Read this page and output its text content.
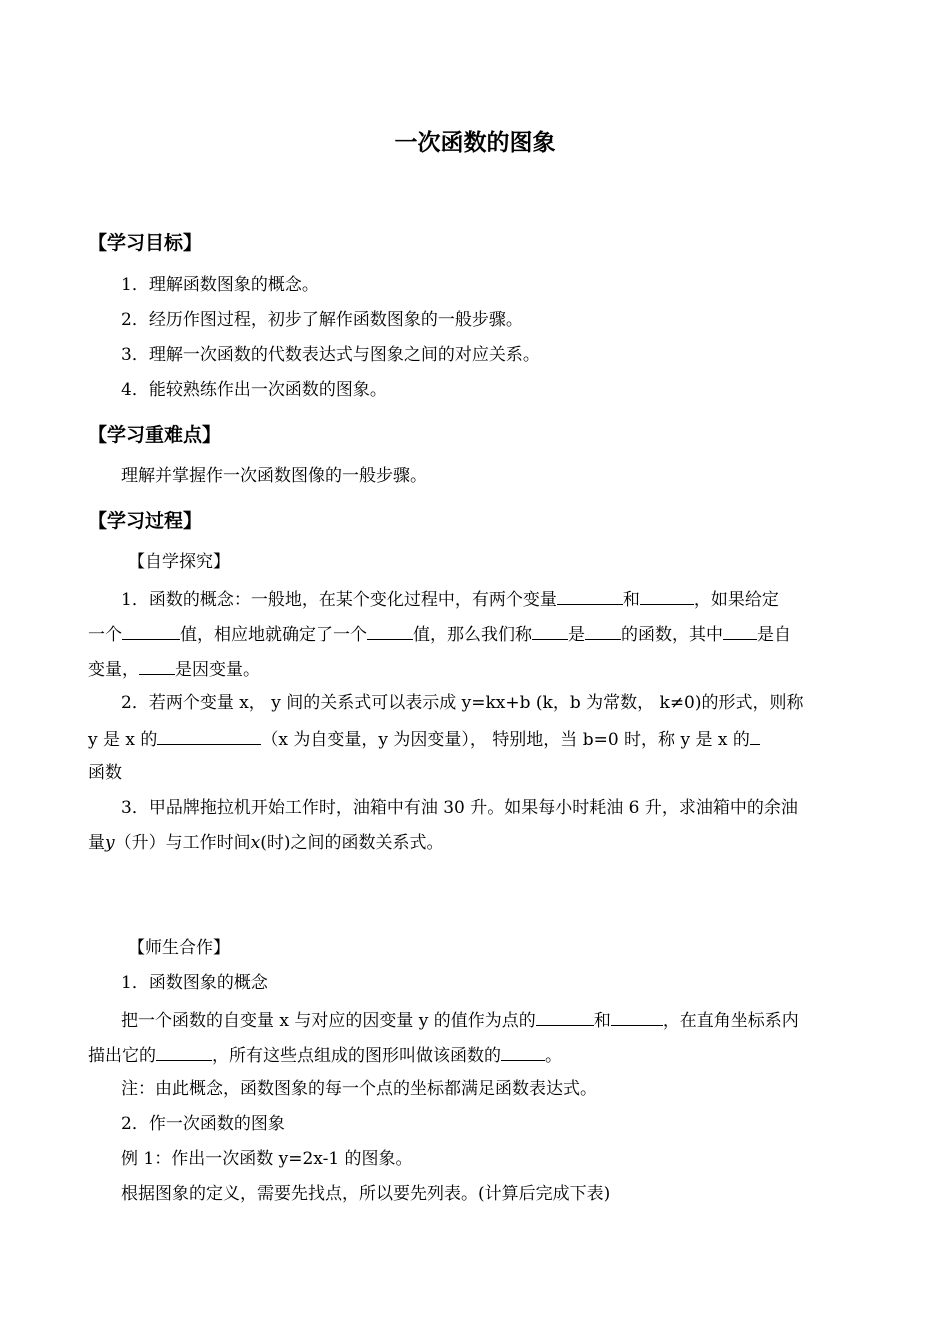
一次函数的图象
【学习目标】
1．理解函数图象的概念。
2．经历作图过程，初步了解作函数图象的一般步骤。
3．理解一次函数的代数表达式与图象之间的对应关系。
4．能较熟练作出一次函数的图象。
【学习重难点】
理解并掌握作一次函数图像的一般步骤。
【学习过程】
【自学探究】
1．函数的概念：一般地，在某个变化过程中，有两个变量	和	，如果给定
一个	值，相应地就确定了一个	值，那么我们称 是 的函数，其中 是自
变量， 是因变量。
2．若两个变量 x， y 间的关系式可以表示成 y=kx+b (k，b 为常数， k≠0)的形式，则称
y 是 x 的	（x 为自变量，y 为因变量）， 特别地，当 b=0 时，称 y 是 x 的
函数
3．甲品牌拖拉机开始工作时，油箱中有油 30 升。如果每小时耗油 6 升，求油箱中的余油
量y（升）与工作时间x(时)之间的函数关系式。
【师生合作】
1．函数图象的概念
把一个函数的自变量 x 与对应的因变量 y 的值作为点的	和	，在直角坐标系内
描出它的	，所有这些点组成的图形叫做该函数的	。
注：由此概念，函数图象的每一个点的坐标都满足函数表达式。
2．作一次函数的图象
例 1：作出一次函数 y=2x-1 的图象。
根据图象的定义，需要先找点，所以要先列表。(计算后完成下表)
